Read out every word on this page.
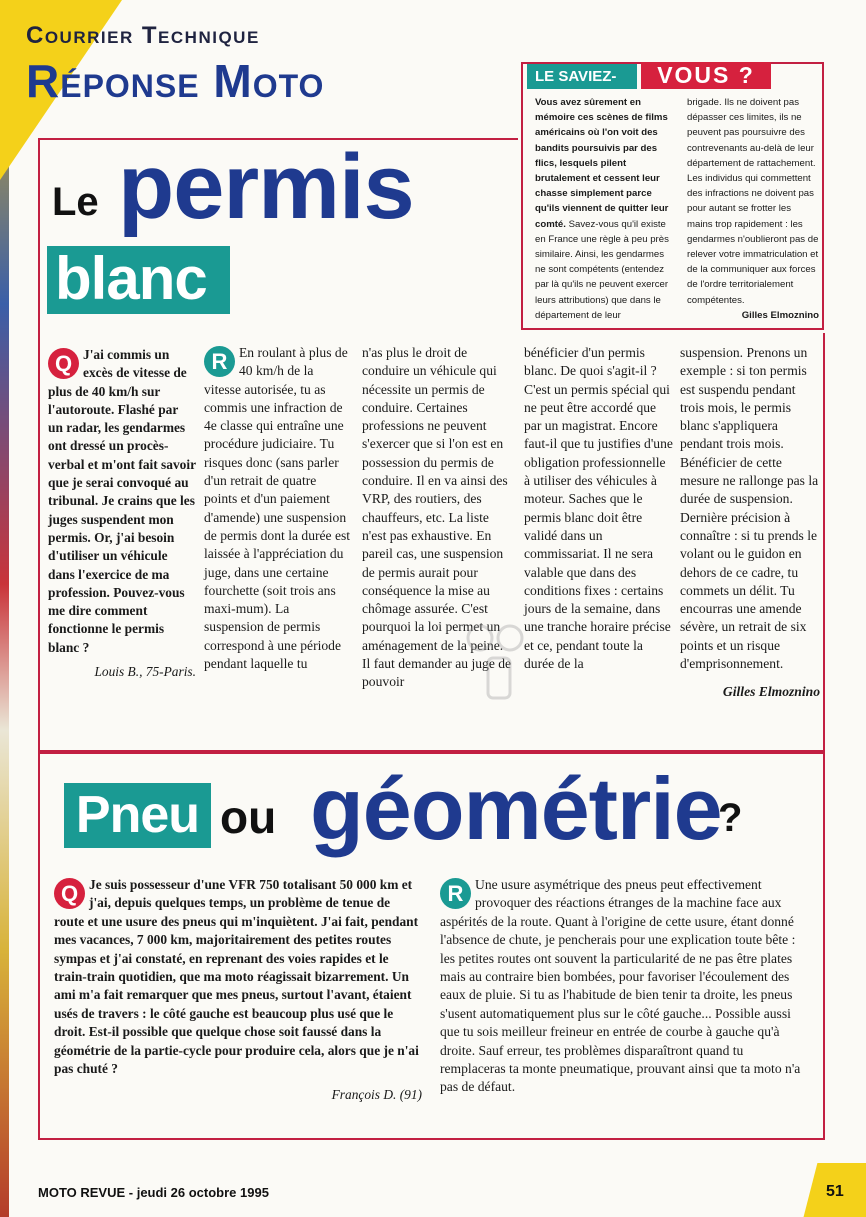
Courrier Technique
Réponse Moto	LE SAVIEZ-	VOUS ?
Vous avez sûrement en mémoire ces scènes de films américains où l'on voit des bandits poursuivis par des flics, lesquels pilent brutalement et cessent leur chasse simplement parce qu'ils viennent de quitter leur comté. Savez-vous qu'il existe en France une règle à peu près similaire. Ainsi, les gendarmes ne sont compétents (entendez par là qu'ils ne peuvent exercer leurs attributions) que dans le département de leur
brigade. Ils ne doivent pas dépasser ces limites, ils ne peuvent pas poursuivre des contrevenants au-delà de leur département de rattachement. Les individus qui commettent des infractions ne doivent pas pour autant se frotter les mains trop rapidement : les gendarmes n'oublieront pas de relever votre immatriculation et de la communiquer aux forces de l'ordre territorialement compétentes.
Gilles Elmoznino
Le permis
blanc
Q J'ai commis un excès de vitesse de plus de 40 km/h sur l'autoroute. Flashé par un radar, les gendarmes ont dressé un procès-verbal et m'ont fait savoir que je serai convoqué au tribunal. Je crains que les juges suspendent mon permis. Or, j'ai besoin d'utiliser un véhicule dans l'exercice de ma profession. Pouvez-vous me dire comment fonctionne le permis blanc ?
Louis B., 75-Paris.
R En roulant à plus de 40 km/h de la vitesse autorisée, tu as commis une infraction de 4e classe qui entraîne une procédure judiciaire. Tu risques donc (sans parler d'un retrait de quatre points et d'un paiement d'amende) une suspension de permis dont la durée est laissée à l'appréciation du juge, dans une certaine fourchette (soit trois ans maxi-mum). La suspension de permis correspond à une période pendant laquelle tu
n'as plus le droit de conduire un véhicule qui nécessite un permis de conduire. Certaines professions ne peuvent s'exercer que si l'on est en possession du permis de conduire. Il en va ainsi des VRP, des routiers, des chauffeurs, etc. La liste n'est pas exhaustive. En pareil cas, une suspension de permis aurait pour conséquence la mise au chômage assurée. C'est pourquoi la loi permet un aménagement de la peine. Il faut demander au juge de pouvoir
bénéficier d'un permis blanc. De quoi s'agit-il ? C'est un permis spécial qui ne peut être accordé que par un magistrat. Encore faut-il que tu justifies d'une obligation professionnelle à utiliser des véhicules à moteur. Saches que le permis blanc doit être validé dans un commissariat. Il ne sera valable que dans des conditions fixes : certains jours de la semaine, dans une tranche horaire précise et ce, pendant toute la durée de la
suspension. Prenons un exemple : si ton permis est suspendu pendant trois mois, le permis blanc s'appliquera pendant trois mois. Bénéficier de cette mesure ne rallonge pas la durée de suspension. Dernière précision à connaître : si tu prends le volant ou le guidon en dehors de ce cadre, tu commets un délit. Tu encourras une amende sévère, un retrait de six points et un risque d'emprisonnement.
Gilles Elmoznino
Pneu ou géométrie
?
Q Je suis possesseur d'une VFR 750 totalisant 50 000 km et j'ai, depuis quelques temps, un problème de tenue de route et une usure des pneus qui m'inquiètent. J'ai fait, pendant mes vacances, 7 000 km, majoritairement des petites routes sympas et j'ai constaté, en reprenant des voies rapides et le train-train quotidien, que ma moto réagissait bizarrement. Un ami m'a fait remarquer que mes pneus, surtout l'avant, étaient usés de travers : le côté gauche est beaucoup plus usé que le droit. Est-il possible que quelque chose soit faussé dans la géométrie de la partie-cycle pour produire cela, alors que je n'ai pas chuté ?
François D. (91)
R Une usure asymétrique des pneus peut effectivement provoquer des réactions étranges de la machine face aux aspérités de la route. Quant à l'origine de cette usure, étant donné l'absence de chute, je pencherais pour une explication toute bête : les petites routes ont souvent la particularité de ne pas être plates mais au contraire bien bombées, pour favoriser l'écoulement des eaux de pluie. Si tu as l'habitude de bien tenir ta droite, les pneus s'usent automatiquement plus sur le côté gauche... Possible aussi que tu sois meilleur freineur en entrée de courbe à gauche qu'à droite. Sauf erreur, tes problèmes disparaîtront quand tu remplaceras ta monte pneumatique, prouvant ainsi que ta moto n'a pas de défaut.
MOTO REVUE - jeudi 26 octobre 1995	51
